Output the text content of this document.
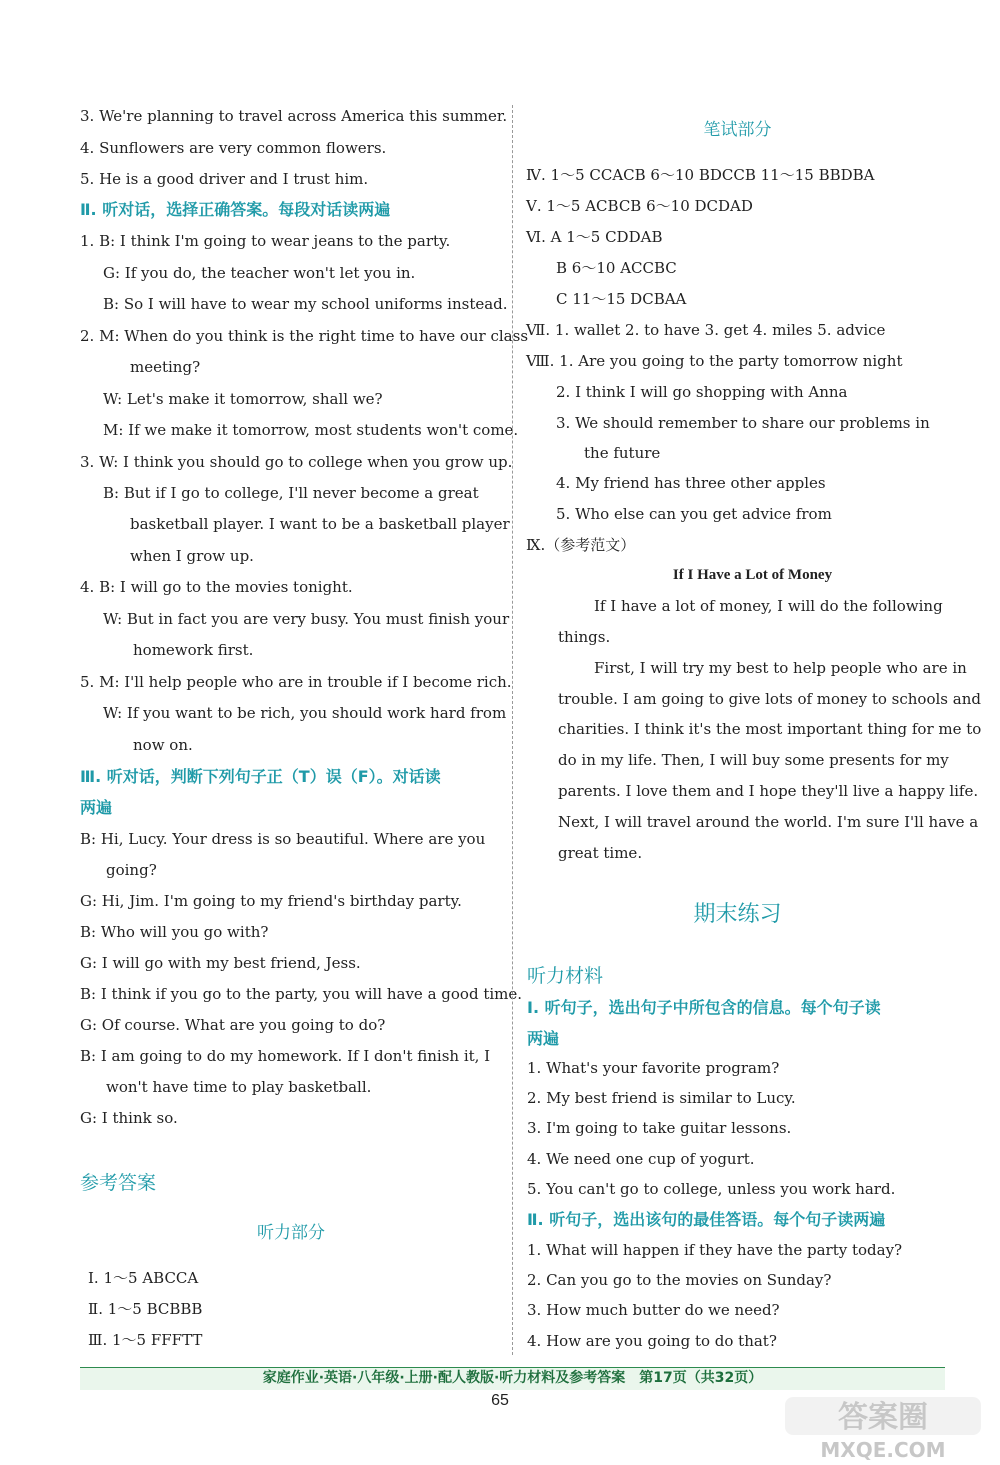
3. We're planning to travel across America this summer.
4. Sunflowers are very common flowers.
5. He is a good driver and I trust him.
Ⅱ. 听对话，选择正确答案。每段对话读两遍
1. B: I think I'm going to wear jeans to the party.
G: If you do, the teacher won't let you in.
B: So I will have to wear my school uniforms instead.
2. M: When do you think is the right time to have our class
meeting?
W: Let's make it tomorrow, shall we?
M: If we make it tomorrow, most students won't come.
3. W: I think you should go to college when you grow up.
B: But if I go to college, I'll never become a great
basketball player. I want to be a basketball player
when I grow up.
4. B: I will go to the movies tonight.
W: But in fact you are very busy. You must finish your
homework first.
5. M: I'll help people who are in trouble if I become rich.
W: If you want to be rich, you should work hard from
now on.
Ⅲ. 听对话，判断下列句子正（T）误（F）。对话读
两遍
B: Hi, Lucy. Your dress is so beautiful. Where are you
going?
G: Hi, Jim. I'm going to my friend's birthday party.
B: Who will you go with?
G: I will go with my best friend, Jess.
B: I think if you go to the party, you will have a good time.
G: Of course. What are you going to do?
B: I am going to do my homework. If I don't finish it, I
won't have time to play basketball.
G: I think so.
参考答案
听力部分
Ⅰ. 1～5 ABCCA
Ⅱ. 1～5 BCBBB
Ⅲ. 1～5 FFFTT
笔试部分
Ⅳ. 1～5 CCACB 6～10 BDCCB 11～15 BBDBA
Ⅴ. 1～5 ACBCB 6～10 DCDAD
Ⅵ. A 1～5 CDDAB
B 6～10 ACCBC
C 11～15 DCBAA
Ⅶ. 1. wallet 2. to have 3. get 4. miles 5. advice
Ⅷ. 1. Are you going to the party tomorrow night
2. I think I will go shopping with Anna
3. We should remember to share our problems in
the future
4. My friend has three other apples
5. Who else can you get advice from
Ⅸ.（参考范文）
If I Have a Lot of Money
If I have a lot of money, I will do the following
things.
First, I will try my best to help people who are in
trouble. I am going to give lots of money to schools and
charities. I think it's the most important thing for me to
do in my life. Then, I will buy some presents for my
parents. I love them and I hope they'll live a happy life.
Next, I will travel around the world. I'm sure I'll have a
great time.
期末练习
听力材料
Ⅰ. 听句子，选出句子中所包含的信息。每个句子读
两遍
1. What's your favorite program?
2. My best friend is similar to Lucy.
3. I'm going to take guitar lessons.
4. We need one cup of yogurt.
5. You can't go to college, unless you work hard.
Ⅱ. 听句子，选出该句的最佳答语。每个句子读两遍
1. What will happen if they have the party today?
2. Can you go to the movies on Sunday?
3. How much butter do we need?
4. How are you going to do that?
家庭作业·英语·八年级·上册·配人教版·听力材料及参考答案　第17页（共32页）
65	答案圈
MXQE.COM
